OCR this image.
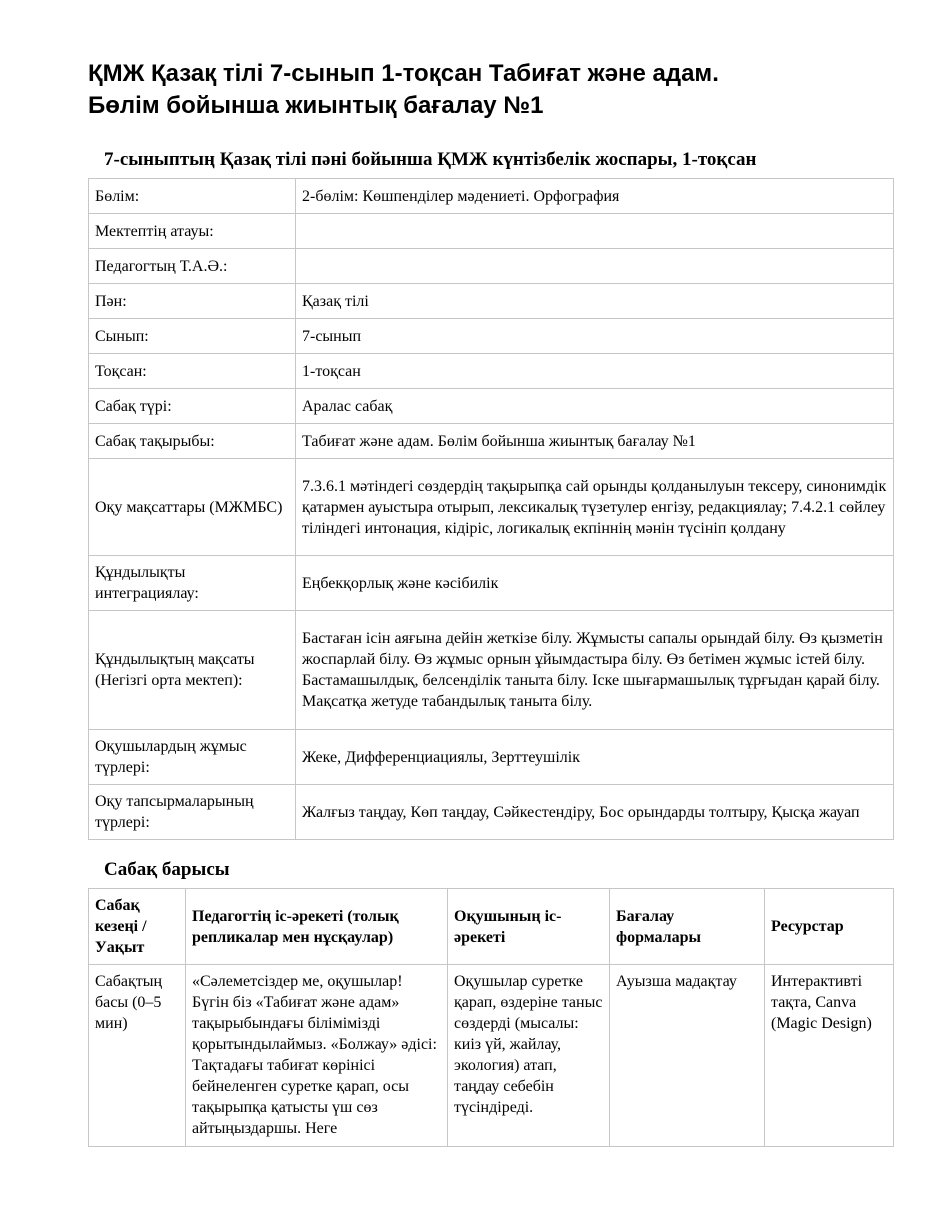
ҚМЖ Қазақ тілі 7-сынып 1-тоқсан Табиғат және адам.
Бөлім бойынша жиынтық бағалау №1
7-сыныптың Қазақ тілі пәні бойынша ҚМЖ күнтізбелік жоспары, 1-тоқсан
Бөлім:	2-бөлім: Көшпенділер мәдениеті. Орфография
Мектептің атауы:	
Педагогтың Т.А.Ә.:	
Пән:	Қазақ тілі
Сынып:	7-сынып
Тоқсан:	1-тоқсан
Сабақ түрі:	Аралас сабақ
Сабақ тақырыбы:	Табиғат және адам. Бөлім бойынша жиынтық бағалау №1
Оқу мақсаттары (МЖМБС)	7.3.6.1 мәтіндегі сөздердің тақырыпқа сай орынды қолданылуын тексеру, синонимдік қатармен ауыстыра отырып, лексикалық түзетулер енгізу, редакциялау; 7.4.2.1 сөйлеу тіліндегі интонация, кідіріс, логикалық екпіннің мәнін түсініп қолдану
Құндылықты интеграциялау:	Еңбекқорлық және кәсібилік
Құндылықтың мақсаты (Негізгі орта мектеп):	Бастаған ісін аяғына дейін жеткізе білу. Жұмысты сапалы орындай білу. Өз қызметін жоспарлай білу. Өз жұмыс орнын ұйымдастыра білу. Өз бетімен жұмыс істей білу. Бастамашылдық, белсенділік таныта білу. Іске шығармашылық тұрғыдан қарай білу. Мақсатқа жетуде табандылық таныта білу.
Оқушылардың жұмыс түрлері:	Жеке, Дифференциациялы, Зерттеушілік
Оқу тапсырмаларының түрлері:	Жалғыз таңдау, Көп таңдау, Сәйкестендіру, Бос орындарды толтыру, Қысқа жауап
Сабақ барысы
Сабақ кезеңі / Уақыт	Педагогтің іс-әрекеті (толық репликалар мен нұсқаулар)	Оқушының іс-әрекеті	Бағалау формалары	Ресурстар
Сабақтың басы (0–5 мин)	«Сәлеметсіздер ме, оқушылар! Бүгін біз «Табиғат және адам» тақырыбындағы білімімізді қорытындылаймыз. «Болжау» әдісі: Тақтадағы табиғат көрінісі бейнеленген суретке қарап, осы тақырыпқа қатысты үш сөз айтыңыздаршы. Неге	Оқушылар суретке қарап, өздеріне таныс сөздерді (мысалы: киіз үй, жайлау, экология) атап, таңдау себебін түсіндіреді.	Ауызша мадақтау	Интерактивті тақта, Canva (Magic Design)
